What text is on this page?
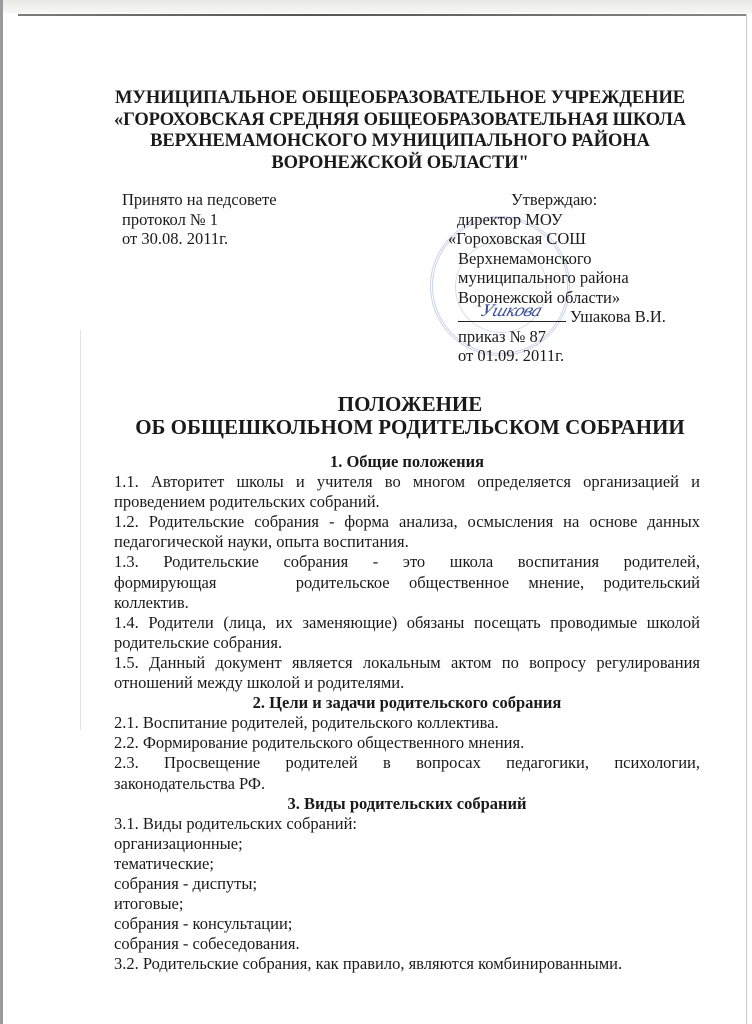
МУНИЦИПАЛЬНОЕ ОБЩЕОБРАЗОВАТЕЛЬНОЕ УЧРЕЖДЕНИЕ
«ГОРОХОВСКАЯ СРЕДНЯЯ ОБЩЕОБРАЗОВАТЕЛЬНАЯ ШКОЛА
ВЕРХНЕМАМОНСКОГО МУНИЦИПАЛЬНОГО РАЙОНА
ВОРОНЕЖСКОЙ ОБЛАСТИ"
Принято на педсовете
протокол № 1
от 30.08. 2011г.
Утверждаю:
директор МОУ
«Гороховская СОШ
Верхнемамонского
муниципального района
Воронежской области»
Ушкова Ушакова В.И.
приказ № 87
от 01.09. 2011г.
ПОЛОЖЕНИЕ
ОБ ОБЩЕШКОЛЬНОМ РОДИТЕЛЬСКОМ СОБРАНИИ
1. Общие положения
1.1. Авторитет школы и учителя во многом определяется организацией и проведением родительских собраний.
1.2. Родительские собрания - форма анализа, осмысления на основе данных педагогической науки, опыта воспитания.
1.3. Родительские собрания - это школа воспитания родителей,
формирующая	родительское общественное мнение, родительский
коллектив.
1.4. Родители (лица, их заменяющие) обязаны посещать проводимые школой родительские собрания.
1.5. Данный документ является локальным актом по вопросу регулирования отношений между школой и родителями.
2. Цели и задачи родительского собрания
2.1. Воспитание родителей, родительского коллектива.
2.2. Формирование родительского общественного мнения.
2.3. Просвещение родителей в вопросах педагогики, психологии,
законодательства РФ.
3. Виды родительских собраний
3.1. Виды родительских собраний:
организационные;
тематические;
собрания - диспуты;
итоговые;
собрания - консультации;
собрания - собеседования.
3.2. Родительские собрания, как правило, являются комбинированными.
